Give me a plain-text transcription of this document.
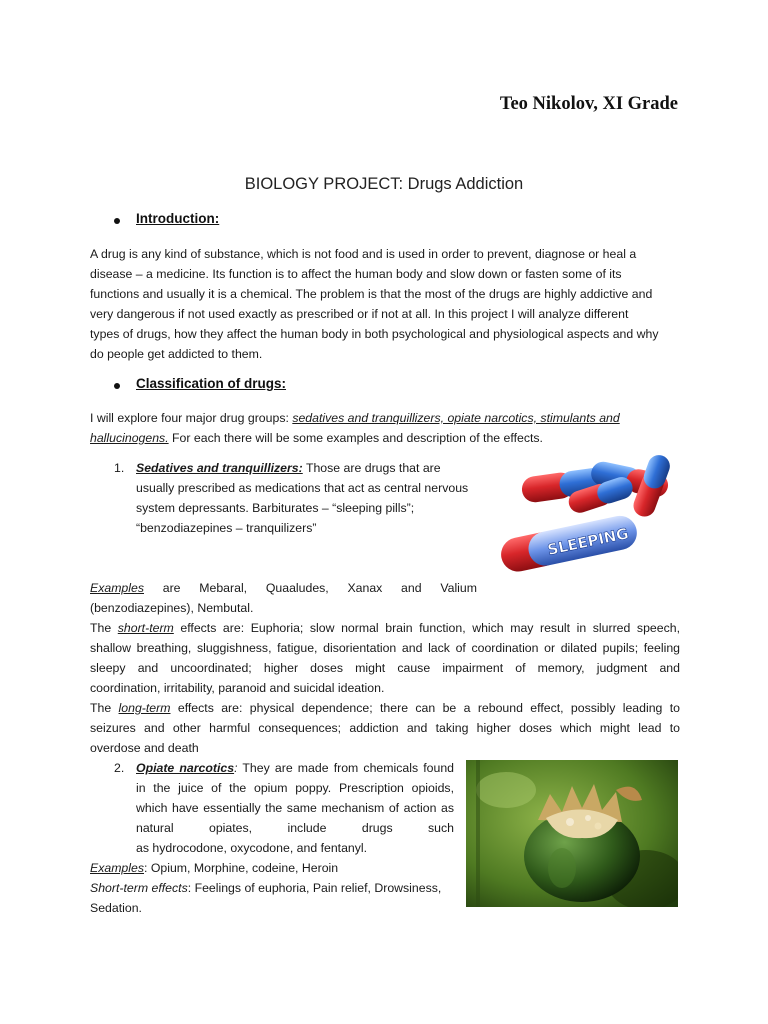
Teo Nikolov, XI Grade
BIOLOGY PROJECT: Drugs Addiction
Introduction:

A drug is any kind of substance, which is not food and is used in order to prevent, diagnose or heal a

disease – a medicine. Its function is to affect the human body and slow down or fasten some of its

functions and usually it is a chemical. The problem is that the most of the drugs are highly addictive and

very dangerous if not used exactly as prescribed or if not at all. In this project I will analyze different

types of drugs, how they affect the human body in both psychological and physiological aspects and why

do people get addicted to them.

Classification of drugs:

I will explore four major drug groups: sedatives and tranquillizers, opiate narcotics, stimulants and

hallucinogens. For each there will be some examples and description of the effects.

1. Sedatives and tranquillizers: Those are drugs that are

usually prescribed as medications that act as central nervous

system depressants. Barbiturates – “sleeping pills”;

“benzodiazepines – tranquilizers”	SLEEPING

Examples are Mebaral, Quaaludes, Xanax and Valium

(benzodiazepines), Nembutal.

The short-term effects are: Euphoria; slow normal brain function, which may result in slurred speech,
shallow breathing, sluggishness, fatigue, disorientation and lack of coordination or dilated pupils; feeling
sleepy and uncoordinated; higher doses might cause impairment of memory, judgment and
coordination, irritability, paranoid and suicidal ideation.
The long-term effects are: physical dependence; there can be a rebound effect, possibly leading to
seizures and other harmful consequences; addiction and taking higher doses which might lead to
overdose and death
2. Opiate narcotics: They are made from chemicals found
in the juice of the opium poppy. Prescription opioids,
which have essentially the same mechanism of action as
natural opiates, include drugs such
as hydrocodone, oxycodone, and fentanyl.

Examples: Opium, Morphine, codeine, Heroin

Short-term effects: Feelings of euphoria, Pain relief, Drowsiness,

Sedation.
